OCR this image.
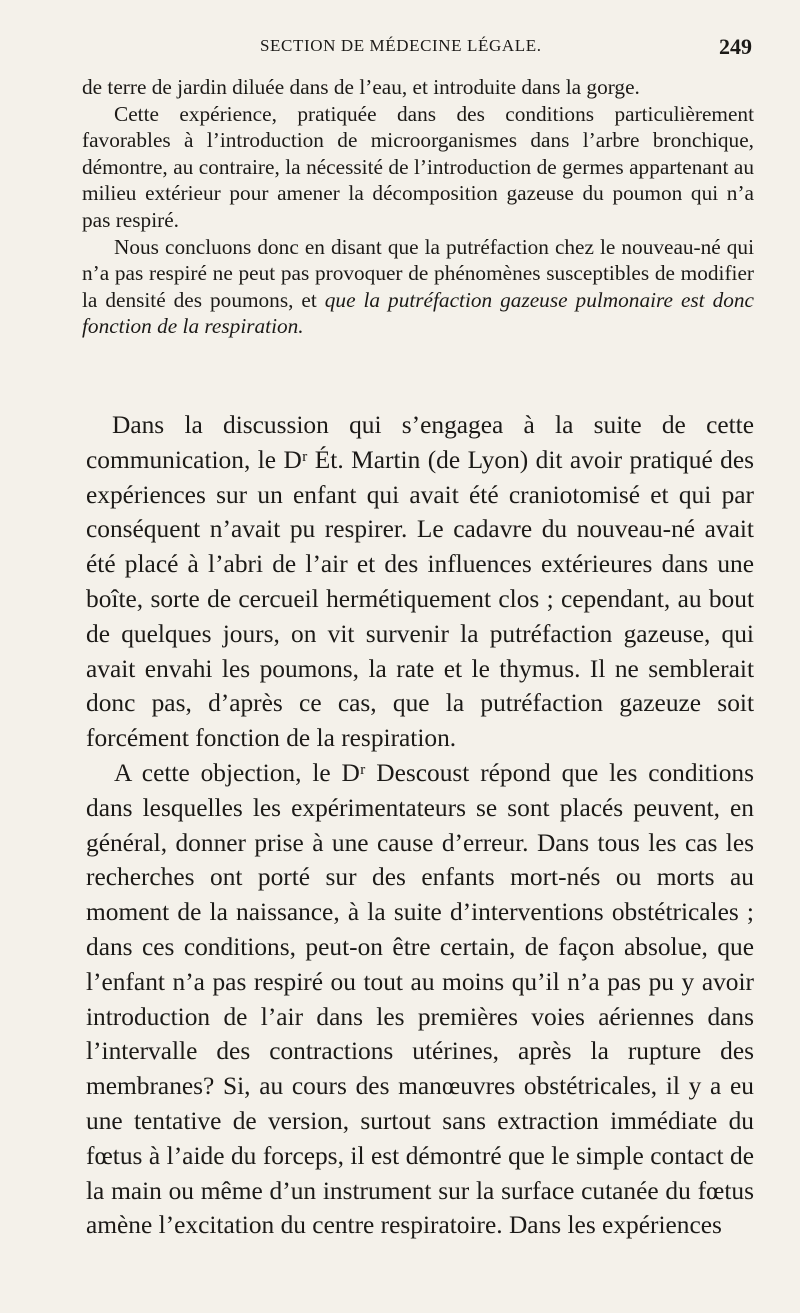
SECTION DE MÉDECINE LÉGALE.	249

de terre de jardin diluée dans de l’eau, et introduite dans la gorge.

Cette expérience, pratiquée dans des conditions particulièrement favorables à l’introduction de microorganismes dans l’arbre bronchique, démontre, au contraire, la nécessité de l’introduction de germes appartenant au milieu extérieur pour amener la décomposition gazeuse du poumon qui n’a pas respiré.

Nous concluons donc en disant que la putréfaction chez le nouveau-né qui n’a pas respiré ne peut pas provoquer de phénomènes susceptibles de modifier la densité des poumons, et que la putréfaction gazeuse pulmonaire est donc fonction de la respiration.

Dans la discussion qui s’engagea à la suite de cette communication, le Dʳ Ét. Martin (de Lyon) dit avoir pratiqué des expériences sur un enfant qui avait été craniotomisé et qui par conséquent n’avait pu respirer. Le cadavre du nouveau-né avait été placé à l’abri de l’air et des influences extérieures dans une boîte, sorte de cercueil hermétiquement clos ; cependant, au bout de quelques jours, on vit survenir la putréfaction gazeuse, qui avait envahi les poumons, la rate et le thymus. Il ne semblerait donc pas, d’après ce cas, que la putréfaction gazeuze soit forcément fonction de la respiration.

A cette objection, le Dʳ Descoust répond que les conditions dans lesquelles les expérimentateurs se sont placés peuvent, en général, donner prise à une cause d’erreur. Dans tous les cas les recherches ont porté sur des enfants mort-nés ou morts au moment de la naissance, à la suite d’interventions obstétricales ; dans ces conditions, peut-on être certain, de façon absolue, que l’enfant n’a pas respiré ou tout au moins qu’il n’a pas pu y avoir introduction de l’air dans les premières voies aériennes dans l’intervalle des contractions utérines, après la rupture des membranes? Si, au cours des manœuvres obstétricales, il y a eu une tentative de version, surtout sans extraction immédiate du fœtus à l’aide du forceps, il est démontré que le simple contact de la main ou même d’un instrument sur la surface cutanée du fœtus amène l’excitation du centre respiratoire. Dans les expériences
